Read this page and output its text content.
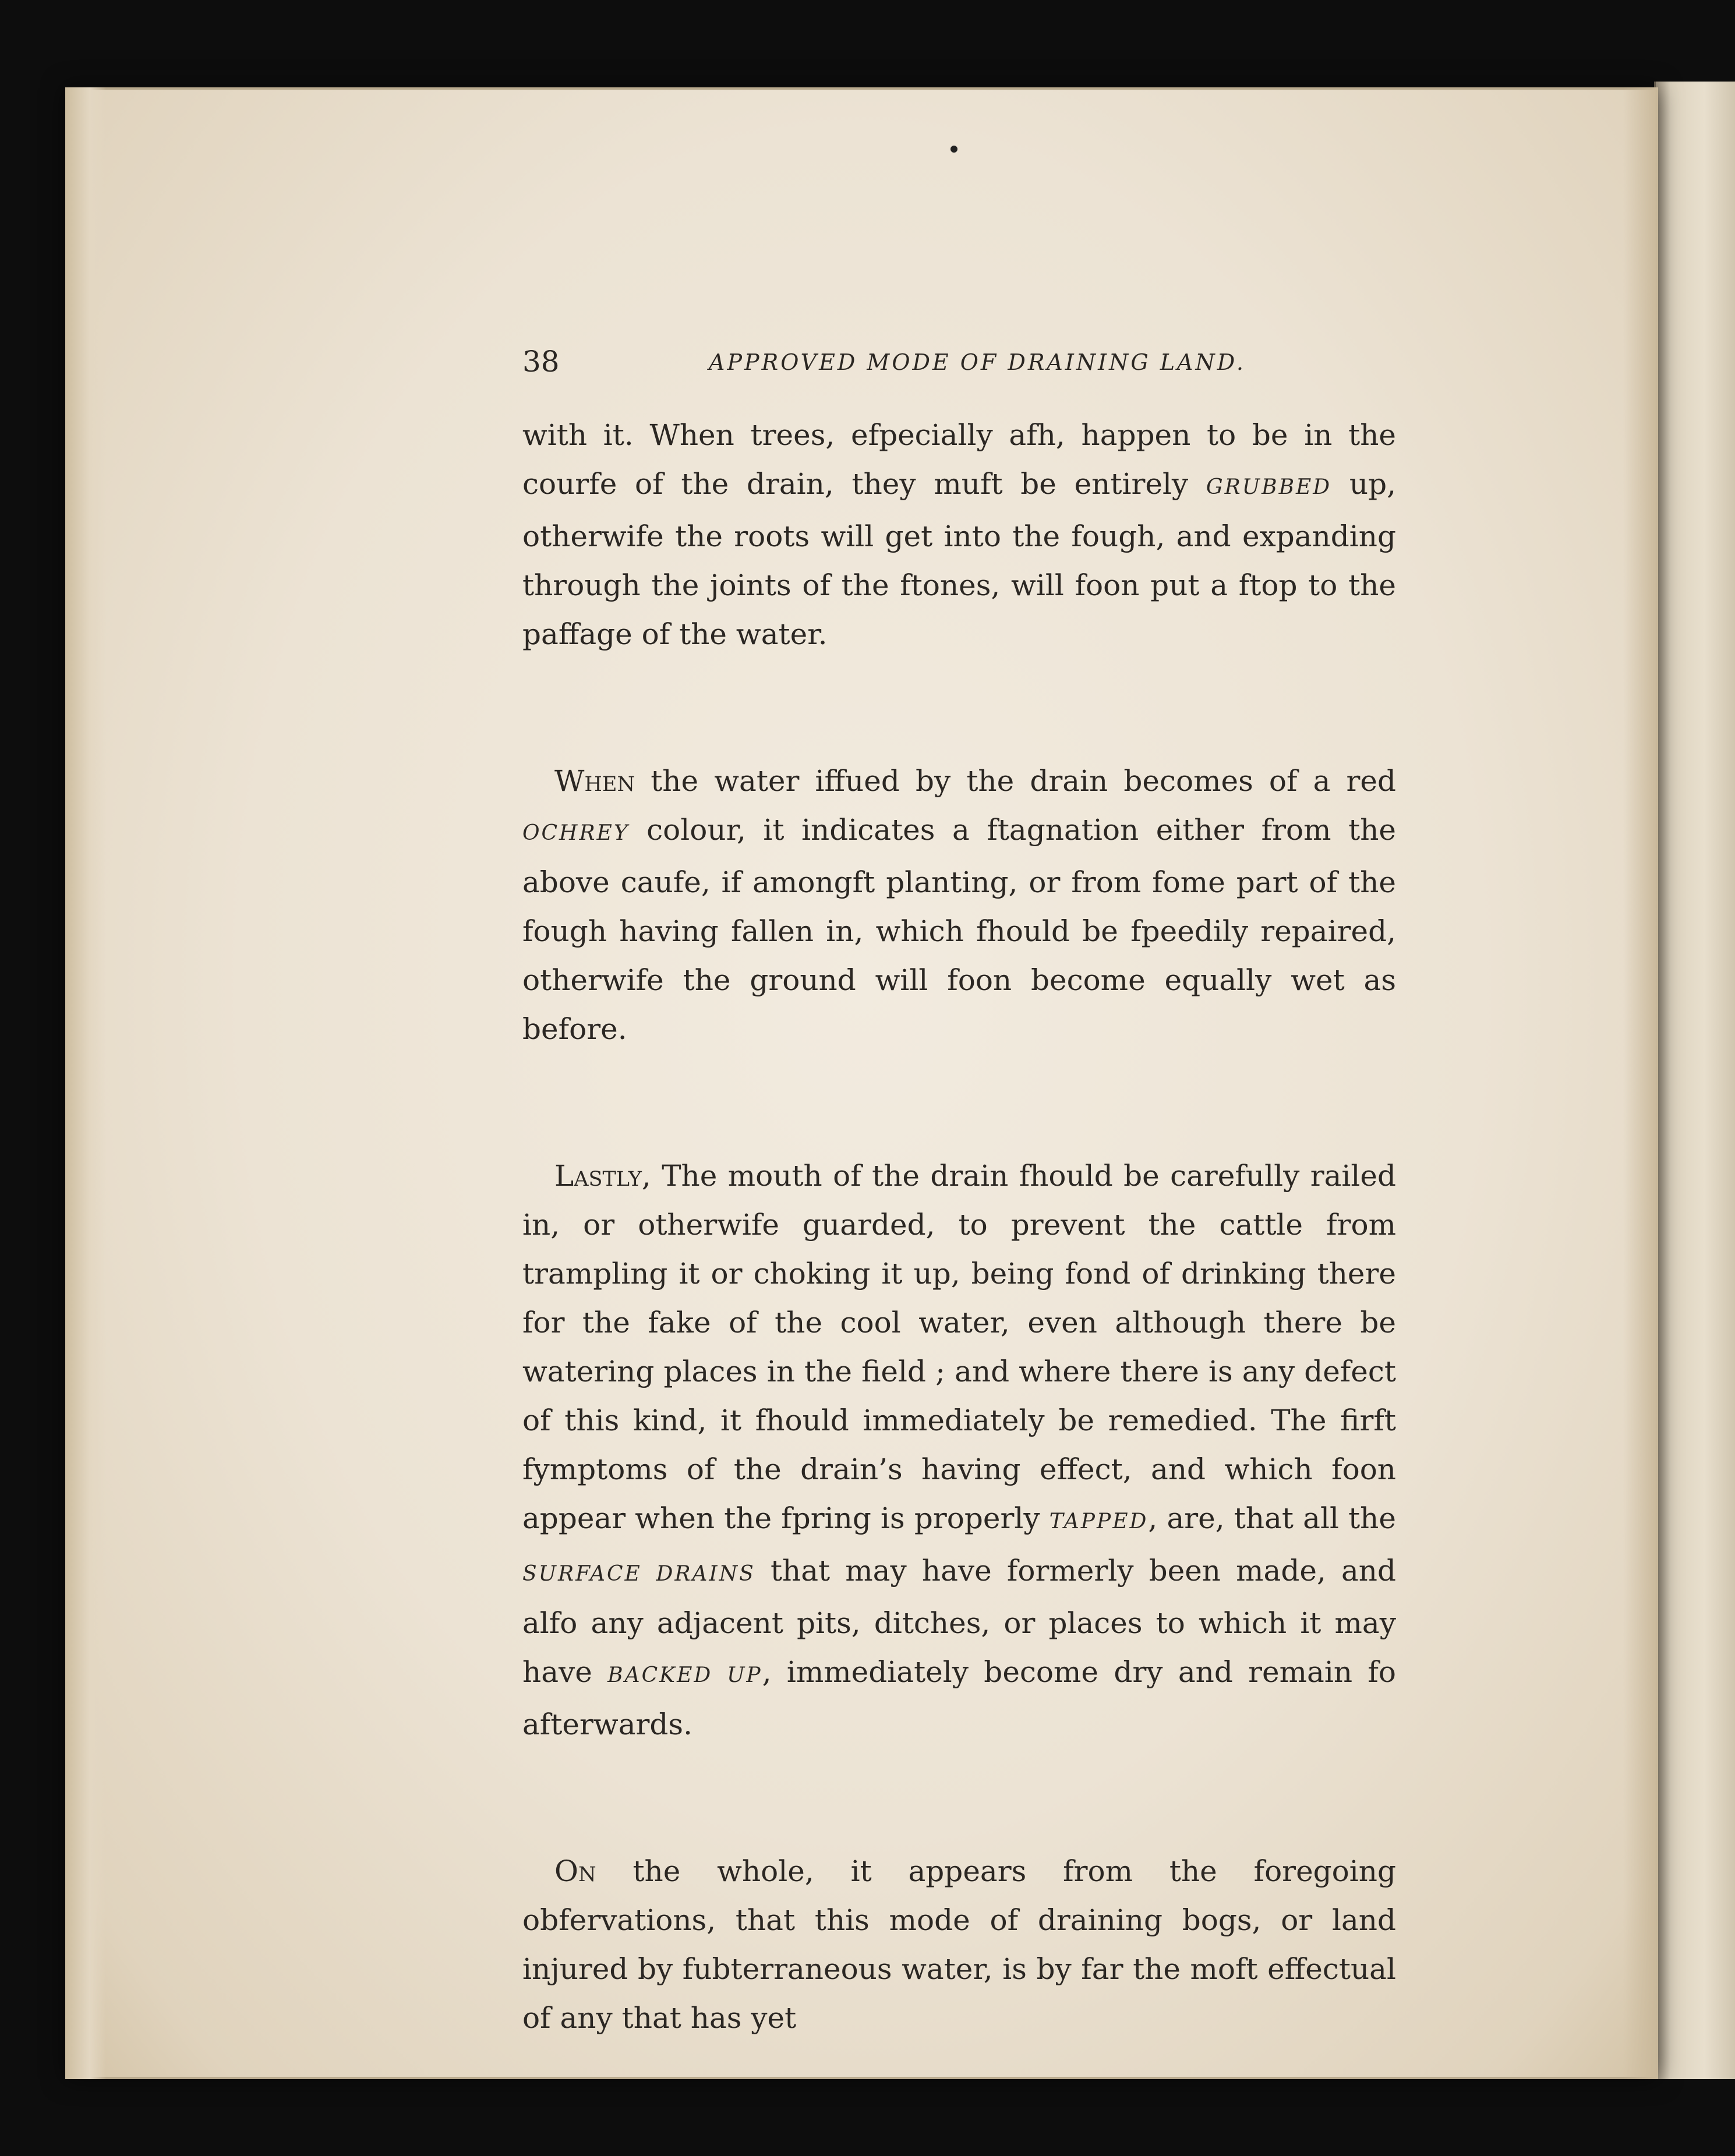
38	APPROVED MODE OF DRAINING LAND.

with it. When trees, efpecially afh, happen to be in the courfe of the drain, they muft be entirely GRUBBED up, otherwife the roots will get into the fough, and expanding through the joints of the ftones, will foon put a ftop to the paffage of the water.

When the water iffued by the drain becomes of a red OCHREY colour, it indicates a ftagnation either from the above caufe, if amongft planting, or from fome part of the fough having fallen in, which fhould be fpeedily repaired, otherwife the ground will foon become equally wet as before.

Lastly, The mouth of the drain fhould be carefully railed in, or otherwife guarded, to prevent the cattle from trampling it or choking it up, being fond of drinking there for the fake of the cool water, even although there be watering places in the field ; and where there is any defect of this kind, it fhould immediately be remedied. The firft fymptoms of the drain’s having effect, and which foon appear when the fpring is properly TAPPED, are, that all the SURFACE DRAINS that may have formerly been made, and alfo any adjacent pits, ditches, or places to which it may have BACKED UP, immediately become dry and remain fo afterwards.

On the whole, it appears from the foregoing obfervations, that this mode of draining bogs, or land injured by fubterraneous water, is by far the moft effectual of any that has yet
